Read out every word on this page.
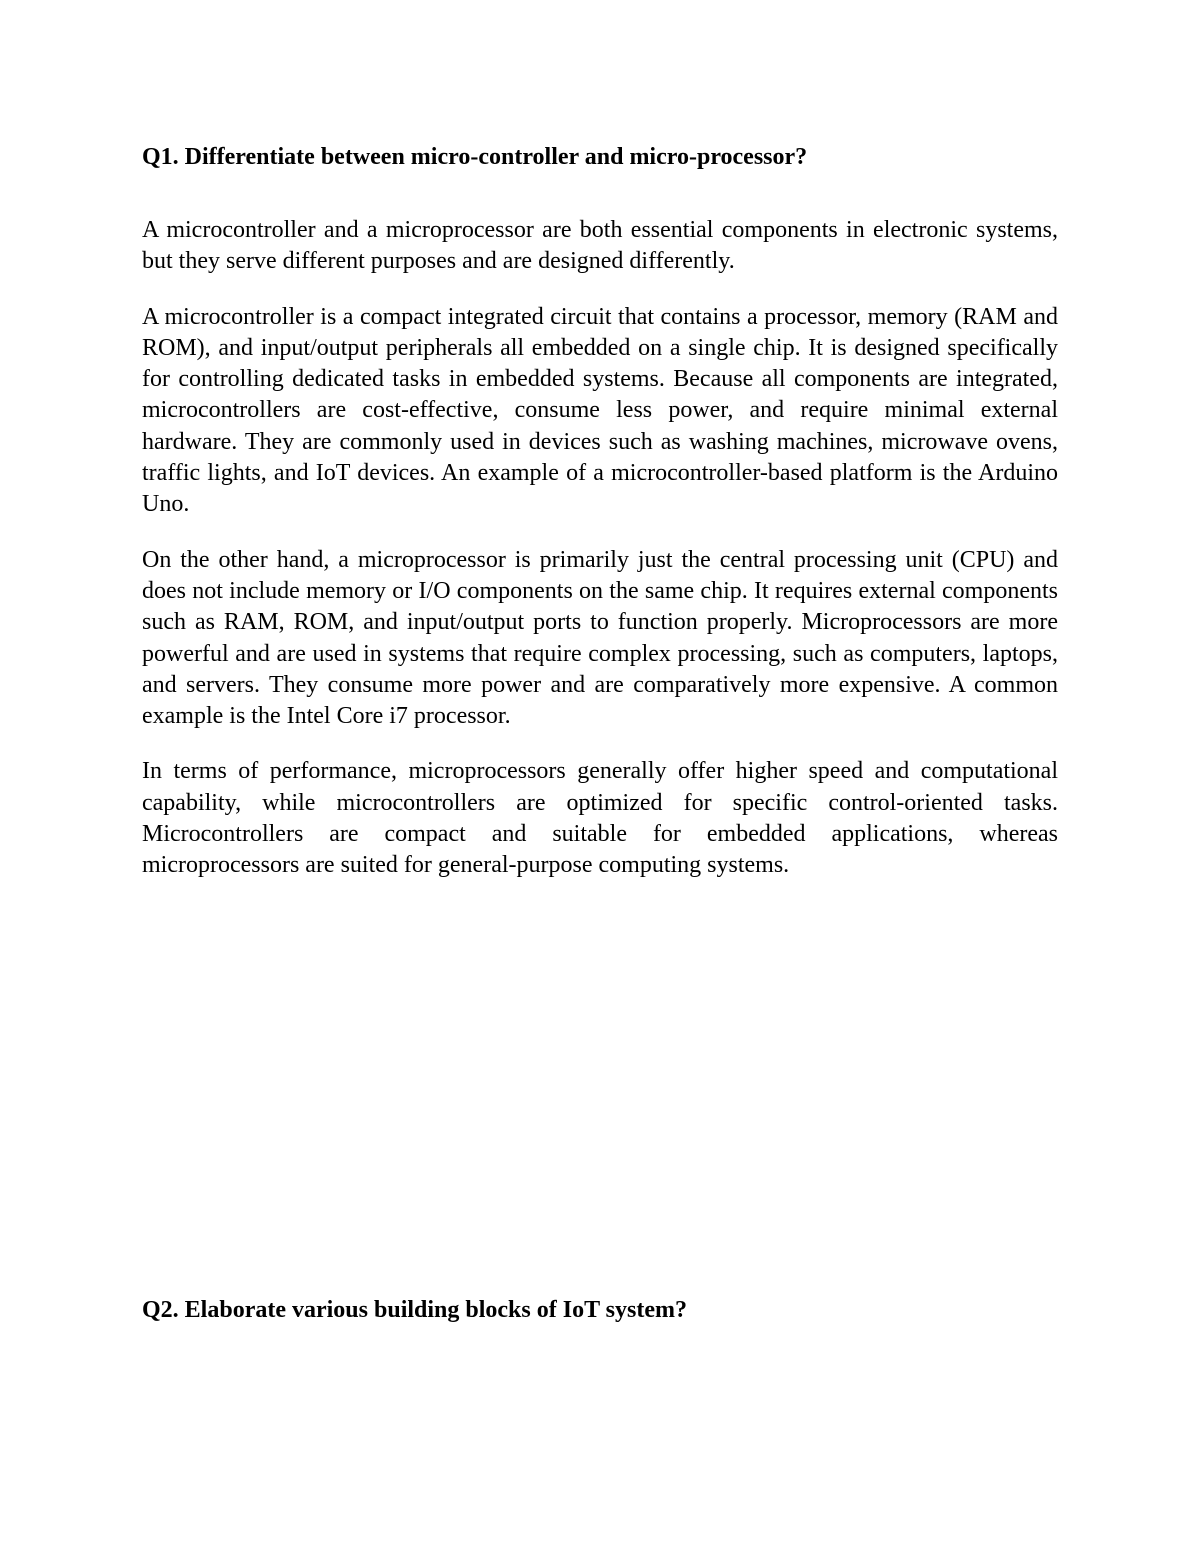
Q1. Differentiate between micro-controller and micro-processor?

A microcontroller and a microprocessor are both essential components in electronic systems, but they serve different purposes and are designed differently.

A microcontroller is a compact integrated circuit that contains a processor, memory (RAM and ROM), and input/output peripherals all embedded on a single chip. It is designed specifically for controlling dedicated tasks in embedded systems. Because all components are integrated, microcontrollers are cost-effective, consume less power, and require minimal external hardware. They are commonly used in devices such as washing machines, microwave ovens, traffic lights, and IoT devices. An example of a microcontroller-based platform is the Arduino Uno.

On the other hand, a microprocessor is primarily just the central processing unit (CPU) and does not include memory or I/O components on the same chip. It requires external components such as RAM, ROM, and input/output ports to function properly. Microprocessors are more powerful and are used in systems that require complex processing, such as computers, laptops, and servers. They consume more power and are comparatively more expensive. A common example is the Intel Core i7 processor.

In terms of performance, microprocessors generally offer higher speed and computational capability, while microcontrollers are optimized for specific control-oriented tasks. Microcontrollers are compact and suitable for embedded applications, whereas microprocessors are suited for general-purpose computing systems.

Q2. Elaborate various building blocks of IoT system?
